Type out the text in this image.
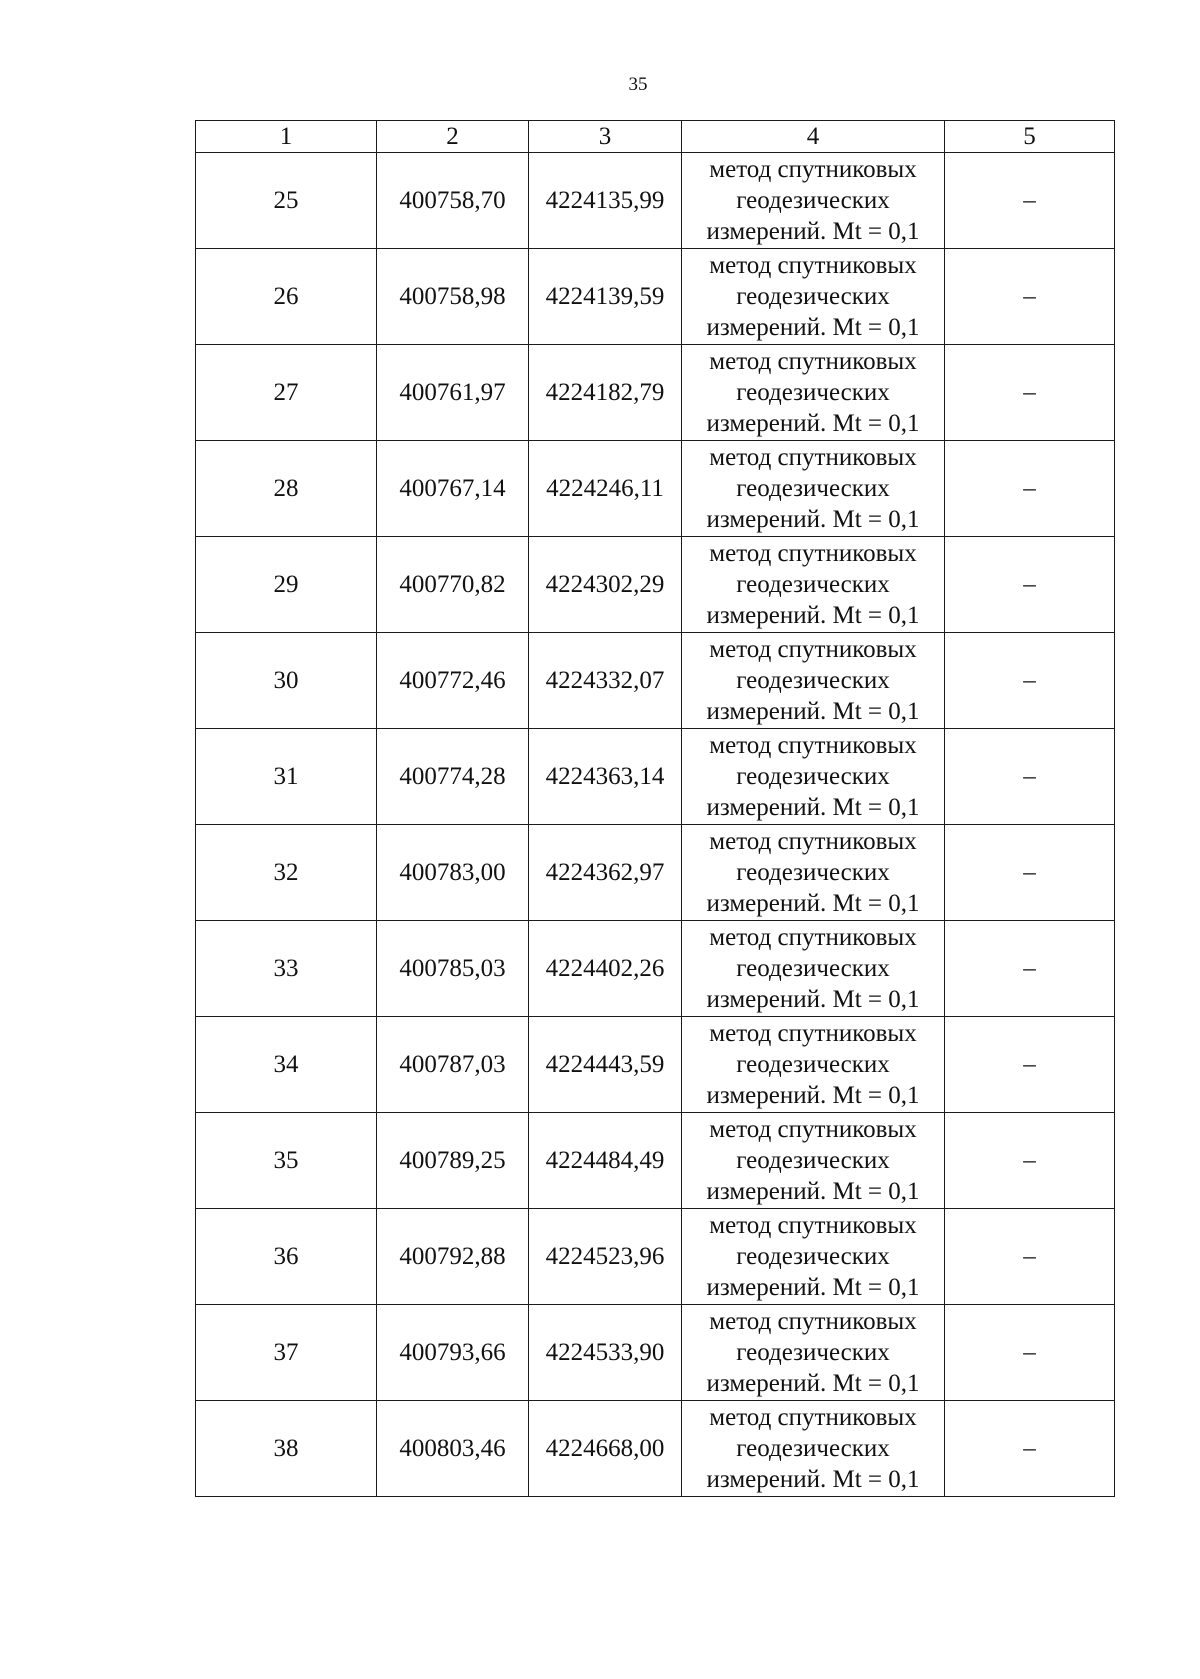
35
1	2	3	4	5
25	400758,70	4224135,99	метод спутниковых
геодезических
измерений. Mt = 0,1	–
26	400758,98	4224139,59	метод спутниковых
геодезических
измерений. Mt = 0,1	–
27	400761,97	4224182,79	метод спутниковых
геодезических
измерений. Mt = 0,1	–
28	400767,14	4224246,11	метод спутниковых
геодезических
измерений. Mt = 0,1	–
29	400770,82	4224302,29	метод спутниковых
геодезических
измерений. Mt = 0,1	–
30	400772,46	4224332,07	метод спутниковых
геодезических
измерений. Mt = 0,1	–
31	400774,28	4224363,14	метод спутниковых
геодезических
измерений. Mt = 0,1	–
32	400783,00	4224362,97	метод спутниковых
геодезических
измерений. Mt = 0,1	–
33	400785,03	4224402,26	метод спутниковых
геодезических
измерений. Mt = 0,1	–
34	400787,03	4224443,59	метод спутниковых
геодезических
измерений. Mt = 0,1	–
35	400789,25	4224484,49	метод спутниковых
геодезических
измерений. Mt = 0,1	–
36	400792,88	4224523,96	метод спутниковых
геодезических
измерений. Mt = 0,1	–
37	400793,66	4224533,90	метод спутниковых
геодезических
измерений. Mt = 0,1	–
38	400803,46	4224668,00	метод спутниковых
геодезических
измерений. Mt = 0,1	–
